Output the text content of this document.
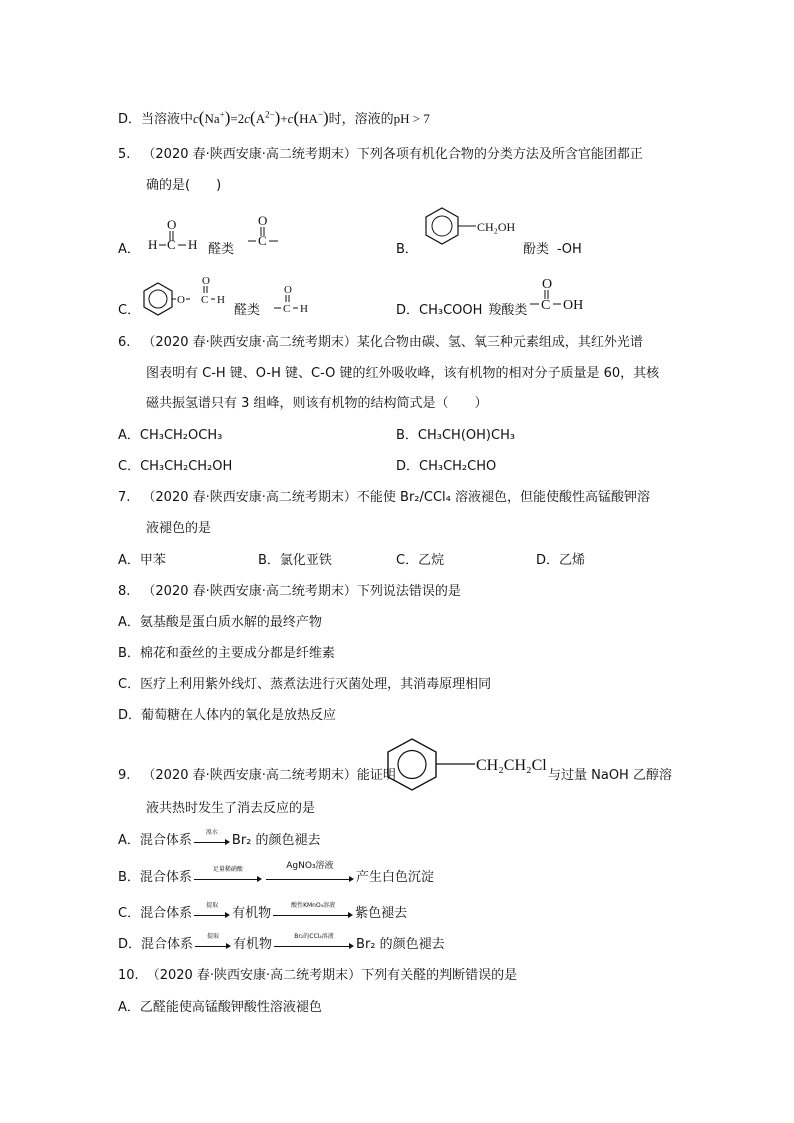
D．当溶液中$c(Na^+)=2c(A^{2-})+c(HA^-)$时，溶液的pH > 7
5. （2020 春·陕西安康·高二统考期末）下列各项有机化合物的分类方法及所含官能团都正
确的是(　　)
A．
O
H C H 醛类
O
C
B．
CH₂OH
酚类 -OH
C．
O
O
C H
醛类
O
C H	D．CH₃COOH 羧酸类
O
C OH
6. （2020 春·陕西安康·高二统考期末）某化合物由碳、氢、氧三种元素组成，其红外光谱
图表明有 C-H 键、O-H 键、C-O 键的红外吸收峰，该有机物的相对分子质量是 60，其核
磁共振氢谱只有 3 组峰，则该有机物的结构简式是（　　）
A．CH₃CH₂OCH₃	B．CH₃CH(OH)CH₃
C．CH₃CH₂CH₂OH	D．CH₃CH₂CHO
7. （2020 春·陕西安康·高二统考期末）不能使 Br₂/CCl₄ 溶液褪色，但能使酸性高锰酸钾溶
液褪色的是
A．甲苯	B．氯化亚铁	C．乙烷	D．乙烯
8. （2020 春·陕西安康·高二统考期末）下列说法错误的是
A．氨基酸是蛋白质水解的最终产物
B．棉花和蚕丝的主要成分都是纤维素
C．医疗上利用紫外线灯、蒸煮法进行灭菌处理，其消毒原理相同
D．葡萄糖在人体内的氧化是放热反应
9. （2020 春·陕西安康·高二统考期末）能证明
CH₂CH₂Cl
与过量 NaOH 乙醇溶
液共热时发生了消去反应的是
A．混合体系
溴水
Br₂ 的颜色褪去
B．混合体系
足量稀硝酸	AgNO₃溶液
产生白色沉淀
C．混合体系
提取
有机物
酸性KMnO₄溶液
紫色褪去
D．混合体系
提取
有机物
Br₂的CCl₄溶液
Br₂ 的颜色褪去
10. （2020 春·陕西安康·高二统考期末）下列有关醛的判断错误的是
A．乙醛能使高锰酸钾酸性溶液褪色
